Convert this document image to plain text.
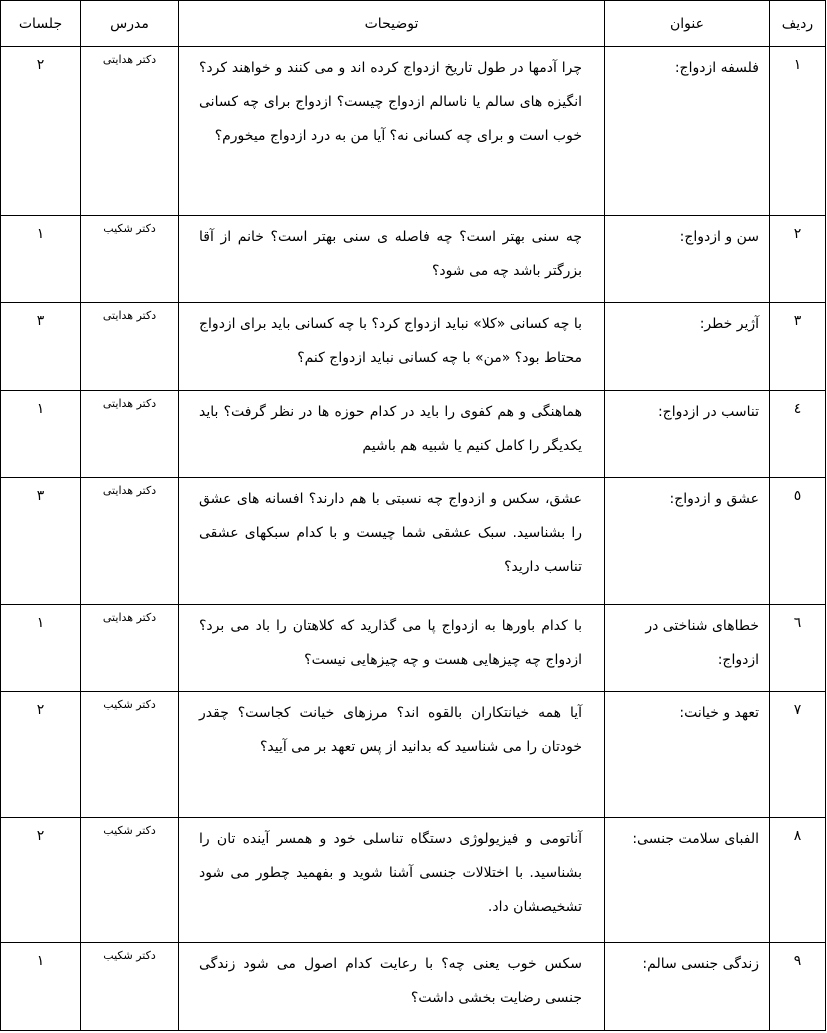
ردیف	عنوان	توضیحات	مدرس	جلسات
۱	فلسفه ازدواج:	چرا آدمها در طول تاریخ ازدواج کرده اند و می کنند و خواهند کرد؟ انگیزه های سالم یا ناسالم ازدواج چیست؟ ازدواج برای چه کسانی خوب است و برای چه کسانی نه؟ آیا من به درد ازدواج میخورم؟	دکتر هدایتی	۲
۲	سن و ازدواج:	چه سنی بهتر است؟ چه فاصله ی سنی بهتر است؟ خانم از آقا بزرگتر باشد چه می شود؟	دکتر شکیب	۱
۳	آژیر خطر:	با چه کسانی «کلا» نباید ازدواج کرد؟ با چه کسانی باید برای ازدواج محتاط بود؟ «من» با چه کسانی نباید ازدواج کنم؟	دکتر هدایتی	۳
٤	تناسب در ازدواج:	هماهنگی و هم کفوی را باید در کدام حوزه ها در نظر گرفت؟ باید یکدیگر را کامل کنیم یا شبیه هم باشیم	دکتر هدایتی	۱
٥	عشق و ازدواج:	عشق، سکس و ازدواج چه نسبتی با هم دارند؟ افسانه های عشق را بشناسید. سبک عشقی شما چیست و با کدام سبکهای عشقی تناسب دارید؟	دکتر هدایتی	۳
٦	خطاهای شناختی در ازدواج:	با کدام باورها به ازدواج پا می گذارید که کلاهتان را باد می برد؟ ازدواج چه چیزهایی هست و چه چیزهایی نیست؟	دکتر هدایتی	۱
۷	تعهد و خیانت:	آیا همه خیانتکاران بالقوه اند؟ مرزهای خیانت کجاست؟ چقدر خودتان را می شناسید که بدانید از پس تعهد بر می آیید؟	دکتر شکیب	۲
۸	الفبای سلامت جنسی:	آناتومی و فیزیولوژی دستگاه تناسلی خود و همسر آینده تان را بشناسید. با اختلالات جنسی آشنا شوید و بفهمید چطور می شود تشخیصشان داد.	دکتر شکیب	۲
۹	زندگی جنسی سالم:	سکس خوب یعنی چه؟ با رعایت کدام اصول می شود زندگی جنسی رضایت بخشی داشت؟	دکتر شکیب	۱
